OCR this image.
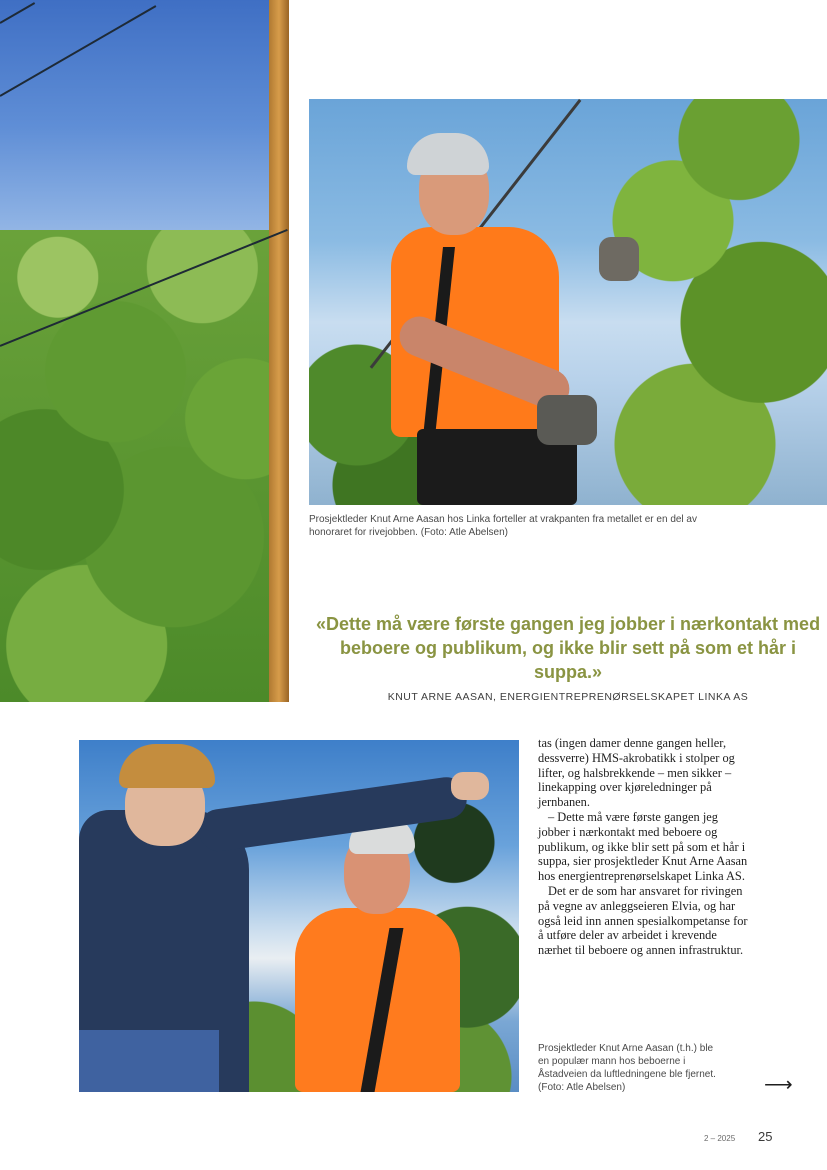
Prosjektleder Knut Arne Aasan hos Linka forteller at vrakpanten fra metallet er en del av honoraret for rivejobben. (Foto: Atle Abelsen)
«Dette må være første gangen jeg jobber i nærkontakt med beboere og publikum, og ikke blir sett på som et hår i suppa.»
KNUT ARNE AASAN, ENERGIENTREPRENØRSELSKAPET LINKA AS

tas (ingen damer denne gangen heller, dessverre) HMS-akrobatikk i stolper og lifter, og halsbrekkende – men sikker – linekapping over kjøreledninger på jernbanen.

– Dette må være første gangen jeg jobber i nærkontakt med beboere og publikum, og ikke blir sett på som et hår i suppa, sier prosjektleder Knut Arne Aasan hos energientreprenørselskapet Linka AS.

Det er de som har ansvaret for rivingen på vegne av anleggseieren Elvia, og har også leid inn annen spesialkompetanse for å utføre deler av arbeidet i krevende nærhet til beboere og annen infrastruktur.

Prosjektleder Knut Arne Aasan (t.h.) ble en populær mann hos beboerne i Åstadveien da luftledningene ble fjernet. (Foto: Atle Abelsen)	⟶
2 – 2025 25
